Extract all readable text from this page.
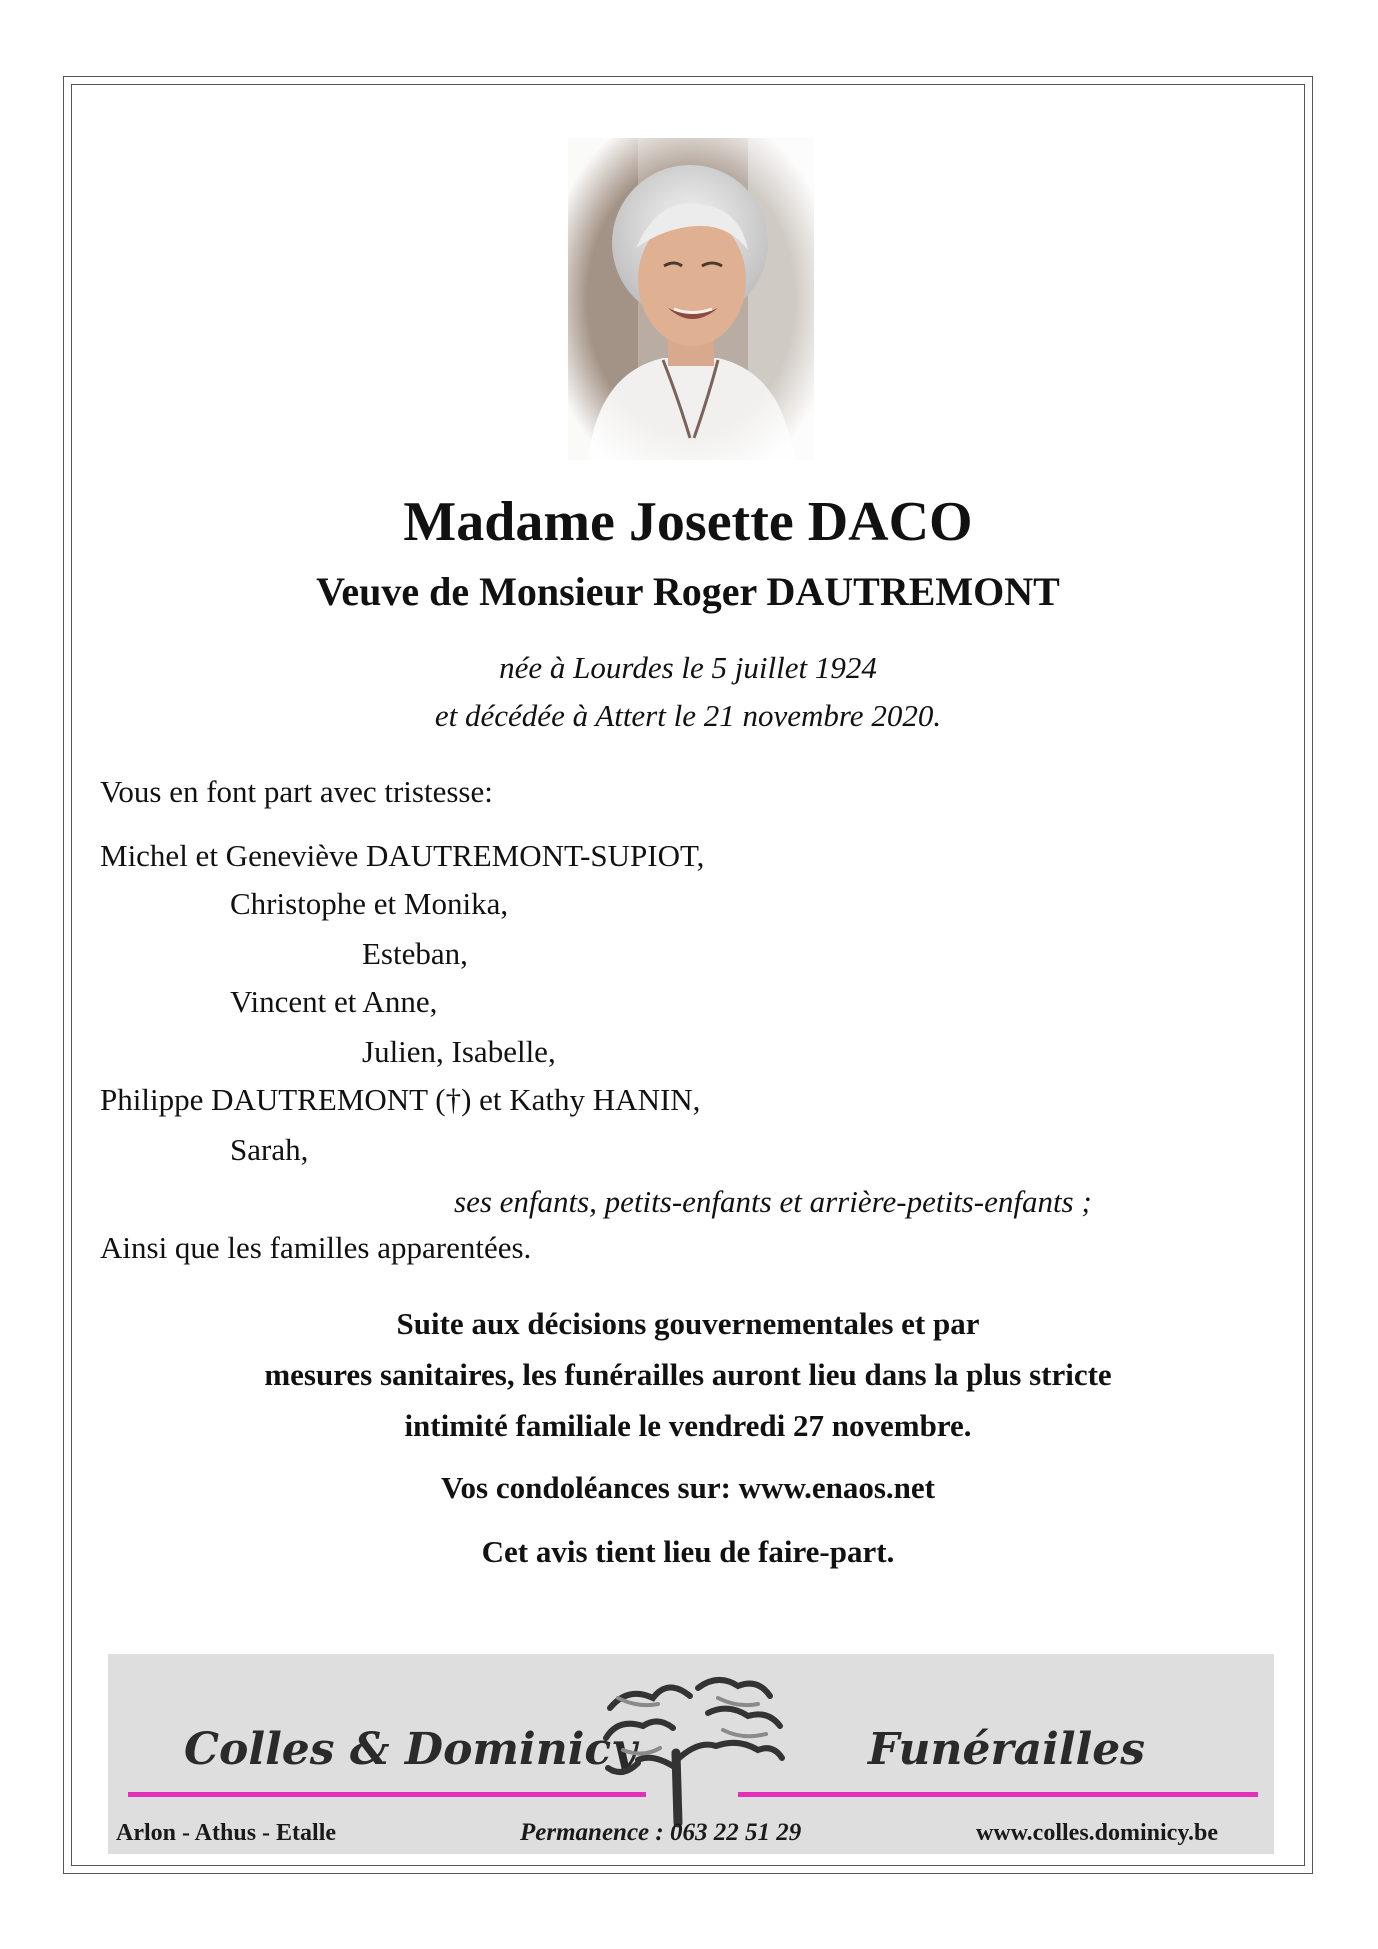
Madame Josette DACO
Veuve de Monsieur Roger DAUTREMONT
née à Lourdes le 5 juillet 1924
et décédée à Attert le 21 novembre 2020.
Vous en font part avec tristesse:
Michel et Geneviève DAUTREMONT-SUPIOT,
Christophe et Monika,
Esteban,
Vincent et Anne,
Julien, Isabelle,
Philippe DAUTREMONT (†) et Kathy HANIN,
Sarah,
ses enfants, petits-enfants et arrière-petits-enfants ;
Ainsi que les familles apparentées.
Suite aux décisions gouvernementales et par
mesures sanitaires, les funérailles auront lieu dans la plus stricte
intimité familiale le vendredi 27 novembre.
Vos condoléances sur: www.enaos.net
Cet avis tient lieu de faire-part.
Colles & Dominicy	Funérailles
Arlon - Athus - Etalle	Permanence : 063 22 51 29	www.colles.dominicy.be
